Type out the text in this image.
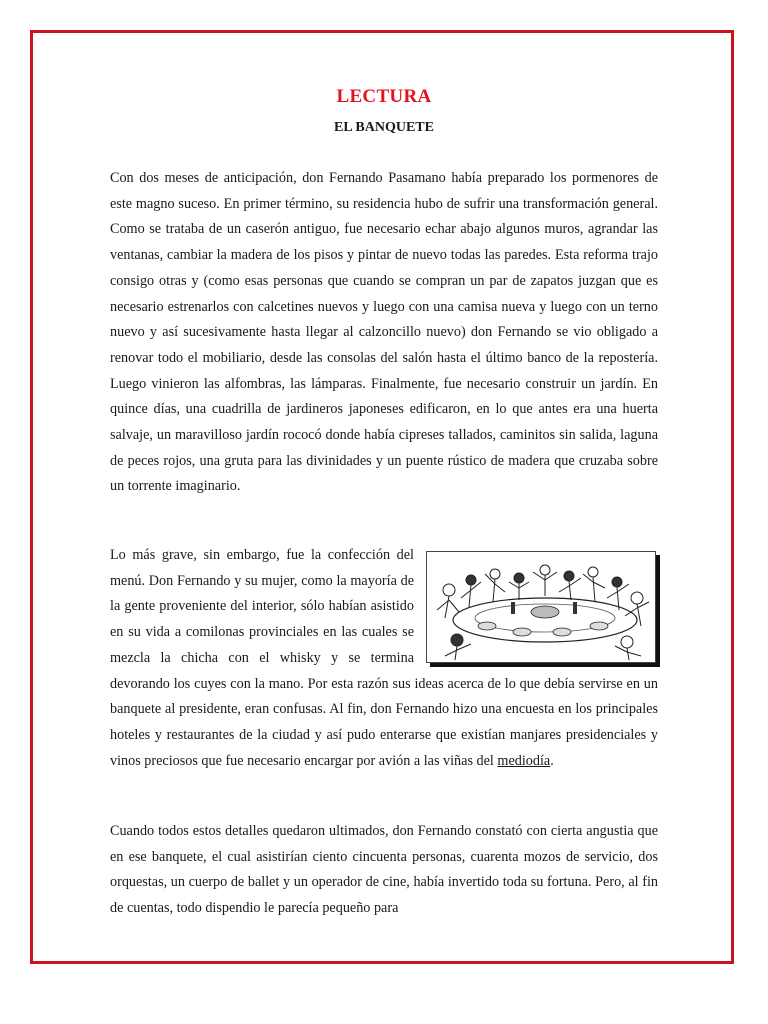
LECTURA
EL BANQUETE

Con dos meses de anticipación, don Fernando Pasamano había preparado los pormenores de este magno suceso. En primer término, su residencia hubo de sufrir una transformación general. Como se trataba de un caserón antiguo, fue necesario echar abajo algunos muros, agrandar las ventanas, cambiar la madera de los pisos y pintar de nuevo todas las paredes. Esta reforma trajo consigo otras y (como esas personas que cuando se compran un par de zapatos juzgan que es necesario estrenarlos con calcetines nuevos y luego con una camisa nueva y luego con un terno nuevo y así sucesivamente hasta llegar al calzoncillo nuevo) don Fernando se vio obligado a renovar todo el mobiliario, desde las consolas del salón hasta el último banco de la repostería. Luego vinieron las alfombras, las lámparas. Finalmente, fue necesario construir un jardín. En quince días, una cuadrilla de jardineros japoneses edificaron, en lo que antes era una huerta salvaje, un maravilloso jardín rococó donde había cipreses tallados, caminitos sin salida, laguna de peces rojos, una gruta para las divinidades y un puente rústico de madera que cruzaba sobre un torrente imaginario.

Lo más grave, sin embargo, fue la confección del menú. Don Fernando y su mujer, como la mayoría de la gente proveniente del interior, sólo habían asistido en su vida a comilonas provinciales en las cuales se mezcla la chicha con el whisky y se termina devorando los cuyes con la mano. Por esta razón sus ideas acerca de lo que debía servirse en un banquete al presidente, eran confusas. Al fin, don Fernando hizo una encuesta en los principales hoteles y restaurantes de la ciudad y así pudo enterarse que existían manjares presidenciales y vinos preciosos que fue necesario encargar por avión a las viñas del mediodía.

Cuando todos estos detalles quedaron ultimados, don Fernando constató con cierta angustia que en ese banquete, el cual asistirían ciento cincuenta personas, cuarenta mozos de servicio, dos orquestas, un cuerpo de ballet y un operador de cine, había invertido toda su fortuna. Pero, al fin de cuentas, todo dispendio le parecía pequeño para
